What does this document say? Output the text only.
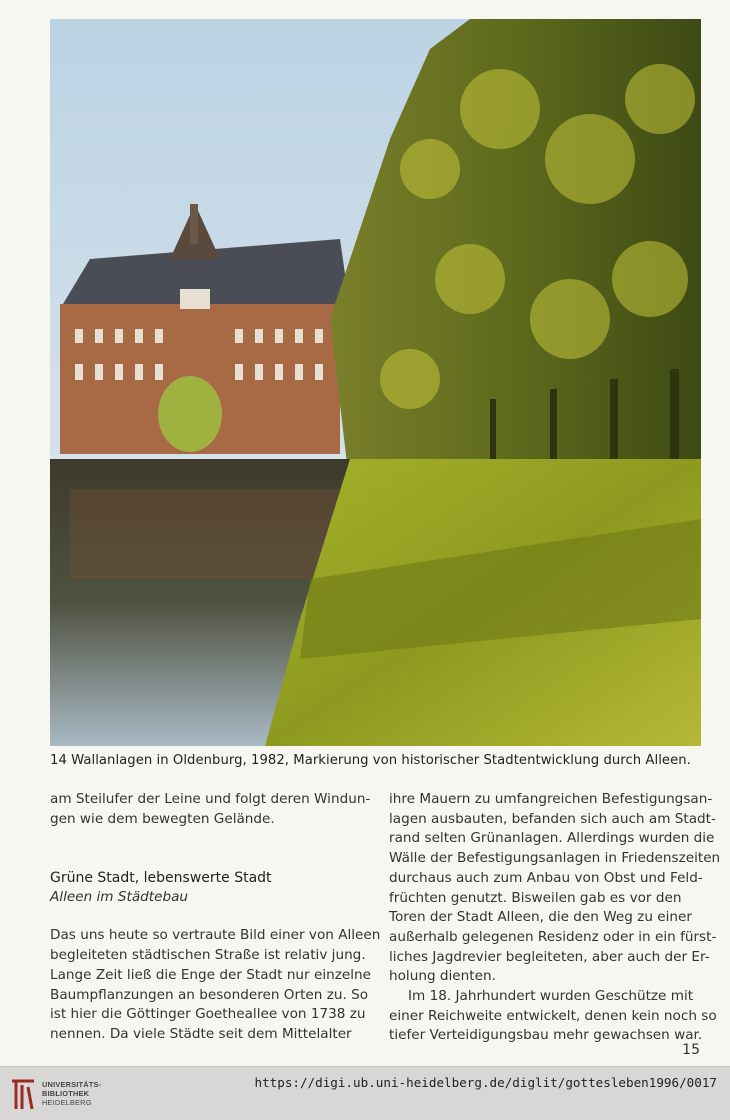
14 Wallanlagen in Oldenburg, 1982, Markierung von historischer Stadtentwicklung durch Alleen.
am Steilufer der Leine und folgt deren Windun-
gen wie dem bewegten Gelände.
Grüne Stadt, lebenswerte Stadt
Alleen im Städtebau
Das uns heute so vertraute Bild einer von Alleen
begleiteten städtischen Straße ist relativ jung.
Lange Zeit ließ die Enge der Stadt nur einzelne
Baumpflanzungen an besonderen Orten zu. So
ist hier die Göttinger Goetheallee von 1738 zu
nennen. Da viele Städte seit dem Mittelalter
ihre Mauern zu umfangreichen Befestigungsan-
lagen ausbauten, befanden sich auch am Stadt-
rand selten Grünanlagen. Allerdings wurden die
Wälle der Befestigungsanlagen in Friedenszeiten
durchaus auch zum Anbau von Obst und Feld-
früchten genutzt. Bisweilen gab es vor den
Toren der Stadt Alleen, die den Weg zu einer
außerhalb gelegenen Residenz oder in ein fürst-
liches Jagdrevier begleiteten, aber auch der Er-
holung dienten.
Im 18. Jahrhundert wurden Geschütze mit
einer Reichweite entwickelt, denen kein noch so
tiefer Verteidigungsbau mehr gewachsen war.
15
UNIVERSITÄTS-
BIBLIOTHEK
HEIDELBERG
https://digi.ub.uni-heidelberg.de/diglit/gottesleben1996/0017
